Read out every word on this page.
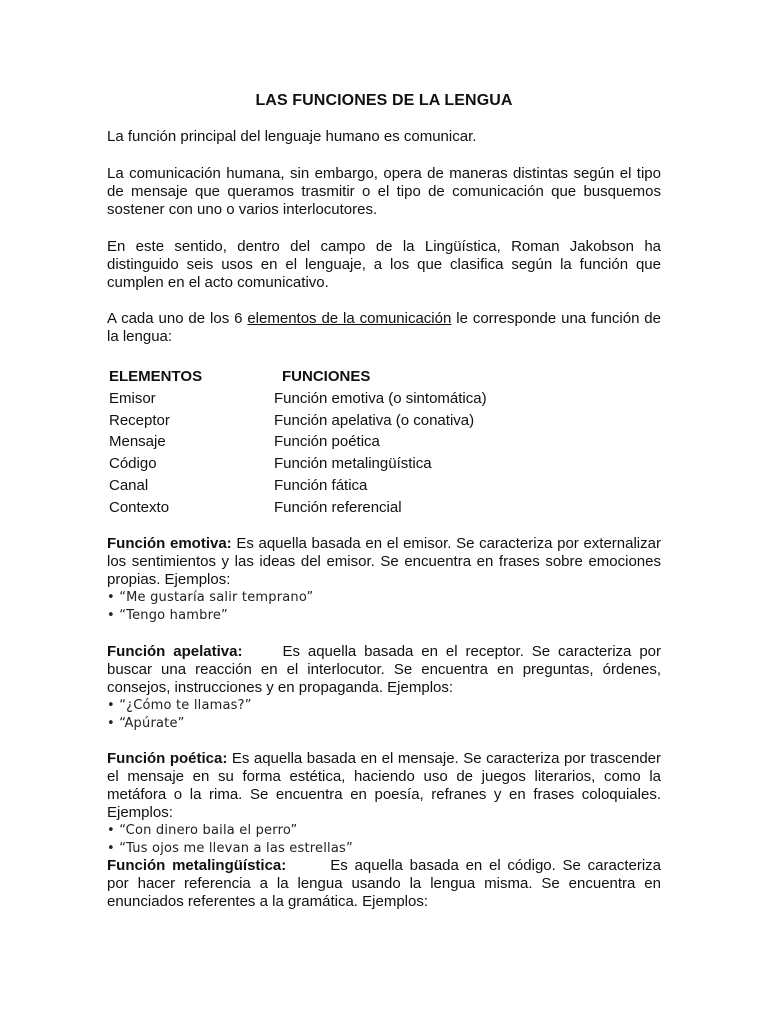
LAS FUNCIONES DE LA LENGUA
La función principal del lenguaje humano es comunicar.
La comunicación humana, sin embargo, opera de maneras distintas según el tipo de mensaje que queramos trasmitir o el tipo de comunicación que busquemos sostener con uno o varios interlocutores.
En este sentido, dentro del campo de la Lingüística, Roman Jakobson ha distinguido seis usos en el lenguaje, a los que clasifica según la función que cumplen en el acto comunicativo.
A cada uno de los 6 elementos de la comunicación le corresponde una función de la lengua:
ELEMENTOS	FUNCIONES
Emisor	Función emotiva (o sintomática)
Receptor	Función apelativa (o conativa)
Mensaje	Función poética
Código	Función metalingüística
Canal	Función fática
Contexto	Función referencial
Función emotiva: Es aquella basada en el emisor. Se caracteriza por externalizar los sentimientos y las ideas del emisor. Se encuentra en frases sobre emociones propias. Ejemplos:
• “Me gustaría salir temprano”
• “Tengo hambre”
Función apelativa:	Es aquella basada en el receptor. Se caracteriza por buscar una reacción en el interlocutor. Se encuentra en preguntas, órdenes, consejos, instrucciones y en propaganda. Ejemplos:
• “¿Cómo te llamas?”
• “Apúrate”
Función poética: Es aquella basada en el mensaje. Se caracteriza por trascender el mensaje en su forma estética, haciendo uso de juegos literarios, como la metáfora o la rima. Se encuentra en poesía, refranes y en frases coloquiales. Ejemplos:
• “Con dinero baila el perro”
• “Tus ojos me llevan a las estrellas”
Función metalingüística:	Es aquella basada en el código. Se caracteriza por hacer referencia a la lengua usando la lengua misma. Se encuentra en enunciados referentes a la gramática. Ejemplos:
